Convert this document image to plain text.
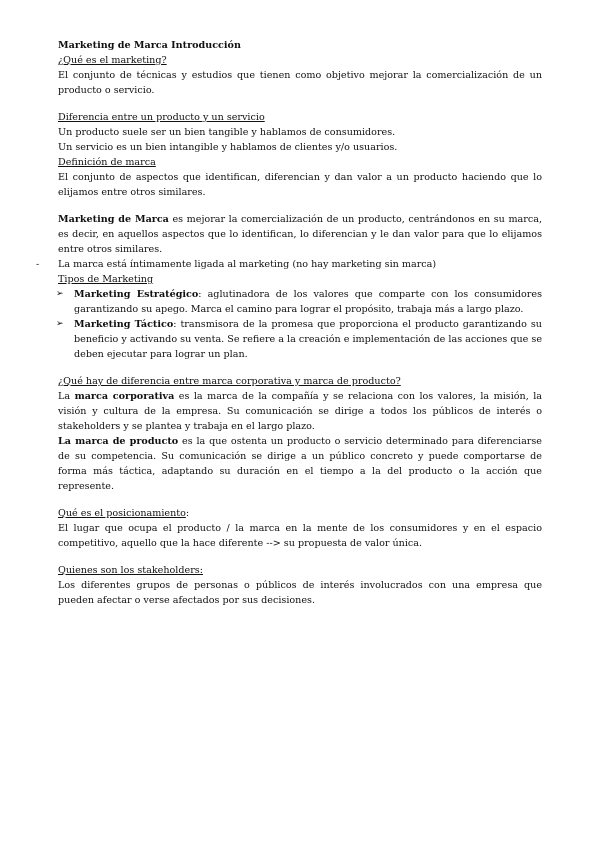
Marketing de Marca Introducción
¿Qué es el marketing?

El conjunto de técnicas y estudios que tienen como objetivo mejorar la comercialización de un producto o servicio.

Diferencia entre un producto y un servicio

Un producto suele ser un bien tangible y hablamos de consumidores.

Un servicio es un bien intangible y hablamos de clientes y/o usuarios.

Definición de marca

El conjunto de aspectos que identifican, diferencian y dan valor a un producto haciendo que lo elijamos entre otros similares.

Marketing de Marca es mejorar la comercialización de un producto, centrándonos en su marca, es decir, en aquellos aspectos que lo identifican, lo diferencian y le dan valor para que lo elijamos entre otros similares.

- La marca está íntimamente ligada al marketing (no hay marketing sin marca)
Tipos de Marketing
➢ Marketing Estratégico: aglutinadora de los valores que comparte con los consumidores garantizando su apego. Marca el camino para lograr el propósito, trabaja más a largo plazo.
➢ Marketing Táctico: transmisora de la promesa que proporciona el producto garantizando su beneficio y activando su venta. Se refiere a la creación e implementación de las acciones que se deben ejecutar para lograr un plan.
¿Qué hay de diferencia entre marca corporativa y marca de producto?

La marca corporativa es la marca de la compañía y se relaciona con los valores, la misión, la visión y cultura de la empresa. Su comunicación se dirige a todos los públicos de interés o stakeholders y se plantea y trabaja en el largo plazo.

La marca de producto es la que ostenta un producto o servicio determinado para diferenciarse de su competencia. Su comunicación se dirige a un público concreto y puede comportarse de forma más táctica, adaptando su duración en el tiempo a la del producto o la acción que represente.

Qué es el posicionamiento:

El lugar que ocupa el producto / la marca en la mente de los consumidores y en el espacio competitivo, aquello que la hace diferente --> su propuesta de valor única.

Quienes son los stakeholders:

Los diferentes grupos de personas o públicos de interés involucrados con una empresa que pueden afectar o verse afectados por sus decisiones.
